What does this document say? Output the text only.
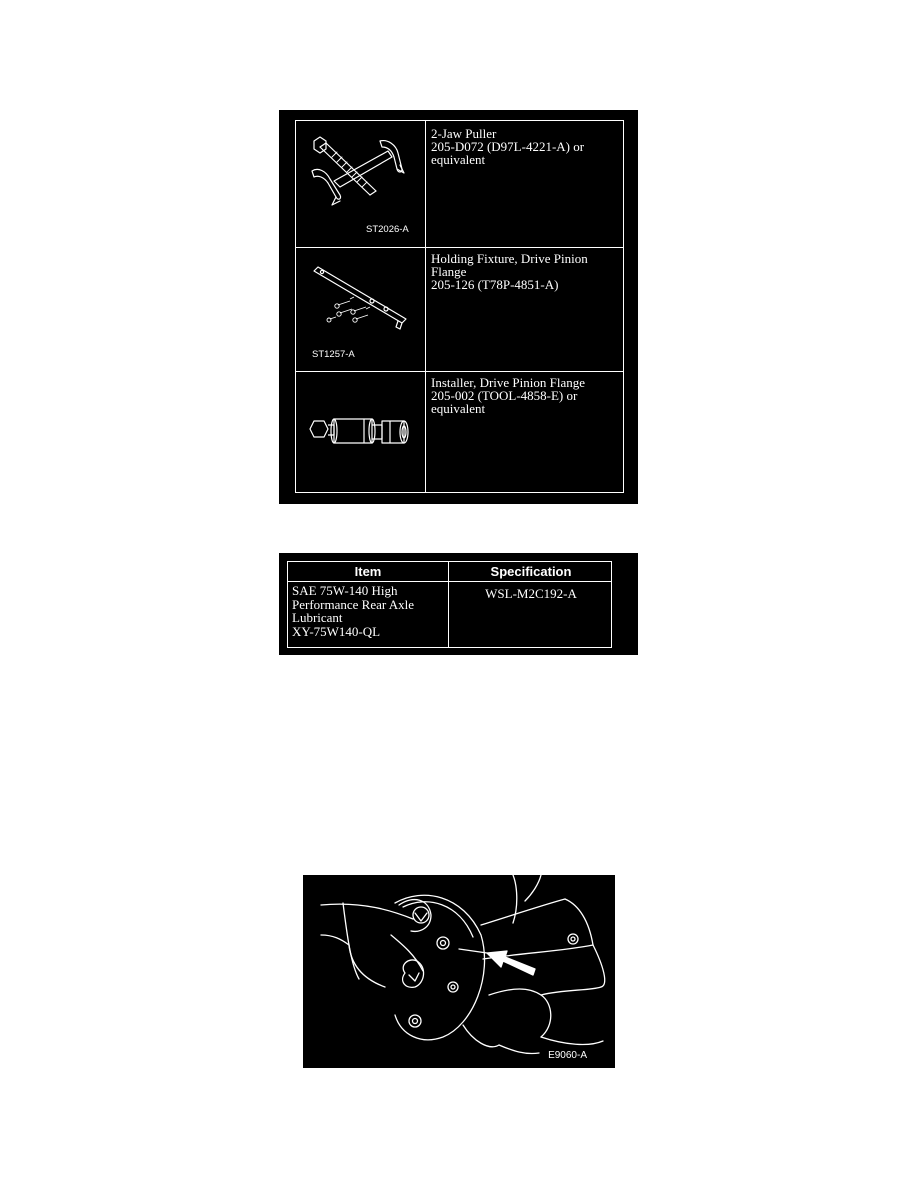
ST2026-A
2-Jaw Puller
205-D072 (D97L-4221-A) or
equivalent
ST1257-A
Holding Fixture, Drive Pinion
Flange
205-126 (T78P-4851-A)
Installer, Drive Pinion Flange
205-002 (TOOL-4858-E) or
equivalent
Item	Specification
SAE 75W-140 High
Performance Rear Axle
Lubricant
XY-75W140-QL
WSL-M2C192-A
E9060-A
